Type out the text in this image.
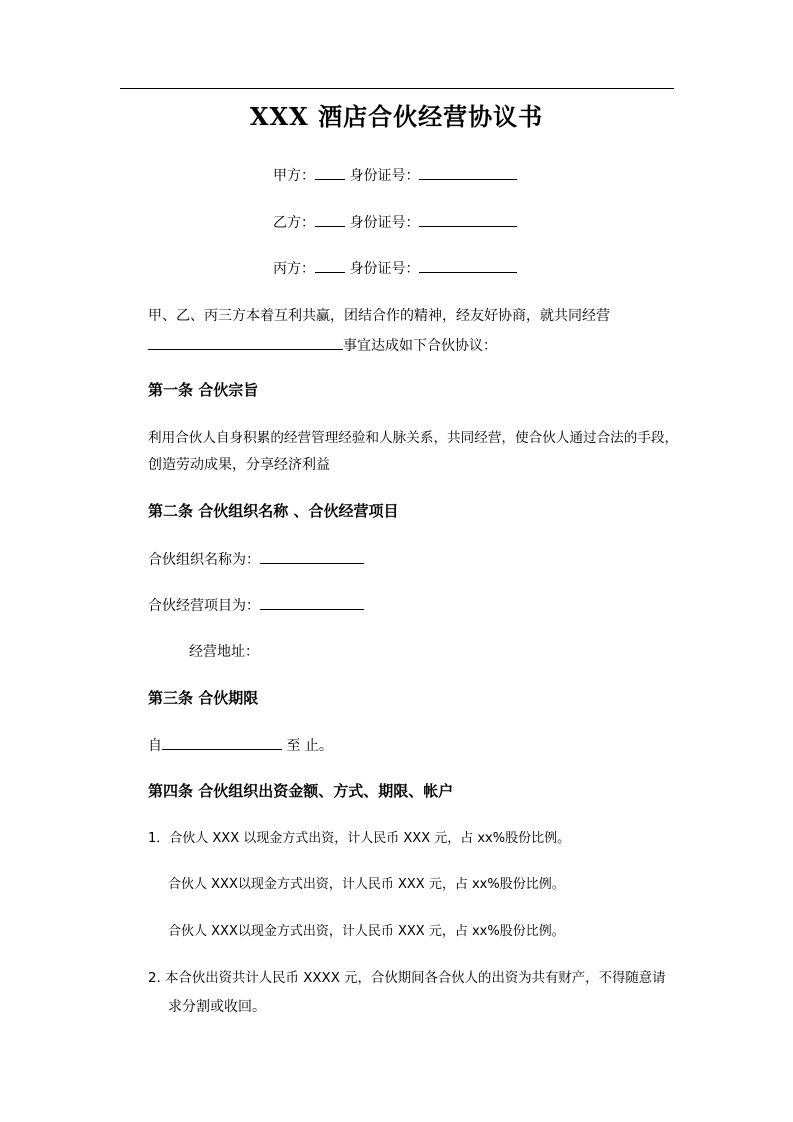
XXX 酒店合伙经营协议书
甲方： 身份证号：
乙方： 身份证号：
丙方： 身份证号：
甲、乙、丙三方本着互利共赢，团结合作的精神，经友好协商，就共同经营
事宜达成如下合伙协议：
第一条 合伙宗旨
利用合伙人自身积累的经营管理经验和人脉关系，共同经营，使合伙人通过合法的手段，
创造劳动成果，分享经济利益
第二条 合伙组织名称 、合伙经营项目
合伙组织名称为：
合伙经营项目为：
经营地址：
第三条 合伙期限
自	至 止。
第四条 合伙组织出资金额、方式、期限、帐户
1．合伙人 XXX 以现金方式出资，计人民币 XXX 元，占 xx%股份比例。
合伙人 XXX以现金方式出资，计人民币 XXX 元，占 xx%股份比例。
合伙人 XXX以现金方式出资，计人民币 XXX 元，占 xx%股份比例。
2. 本合伙出资共计人民币 XXXX 元，合伙期间各合伙人的出资为共有财产，不得随意请
求分割或收回。
